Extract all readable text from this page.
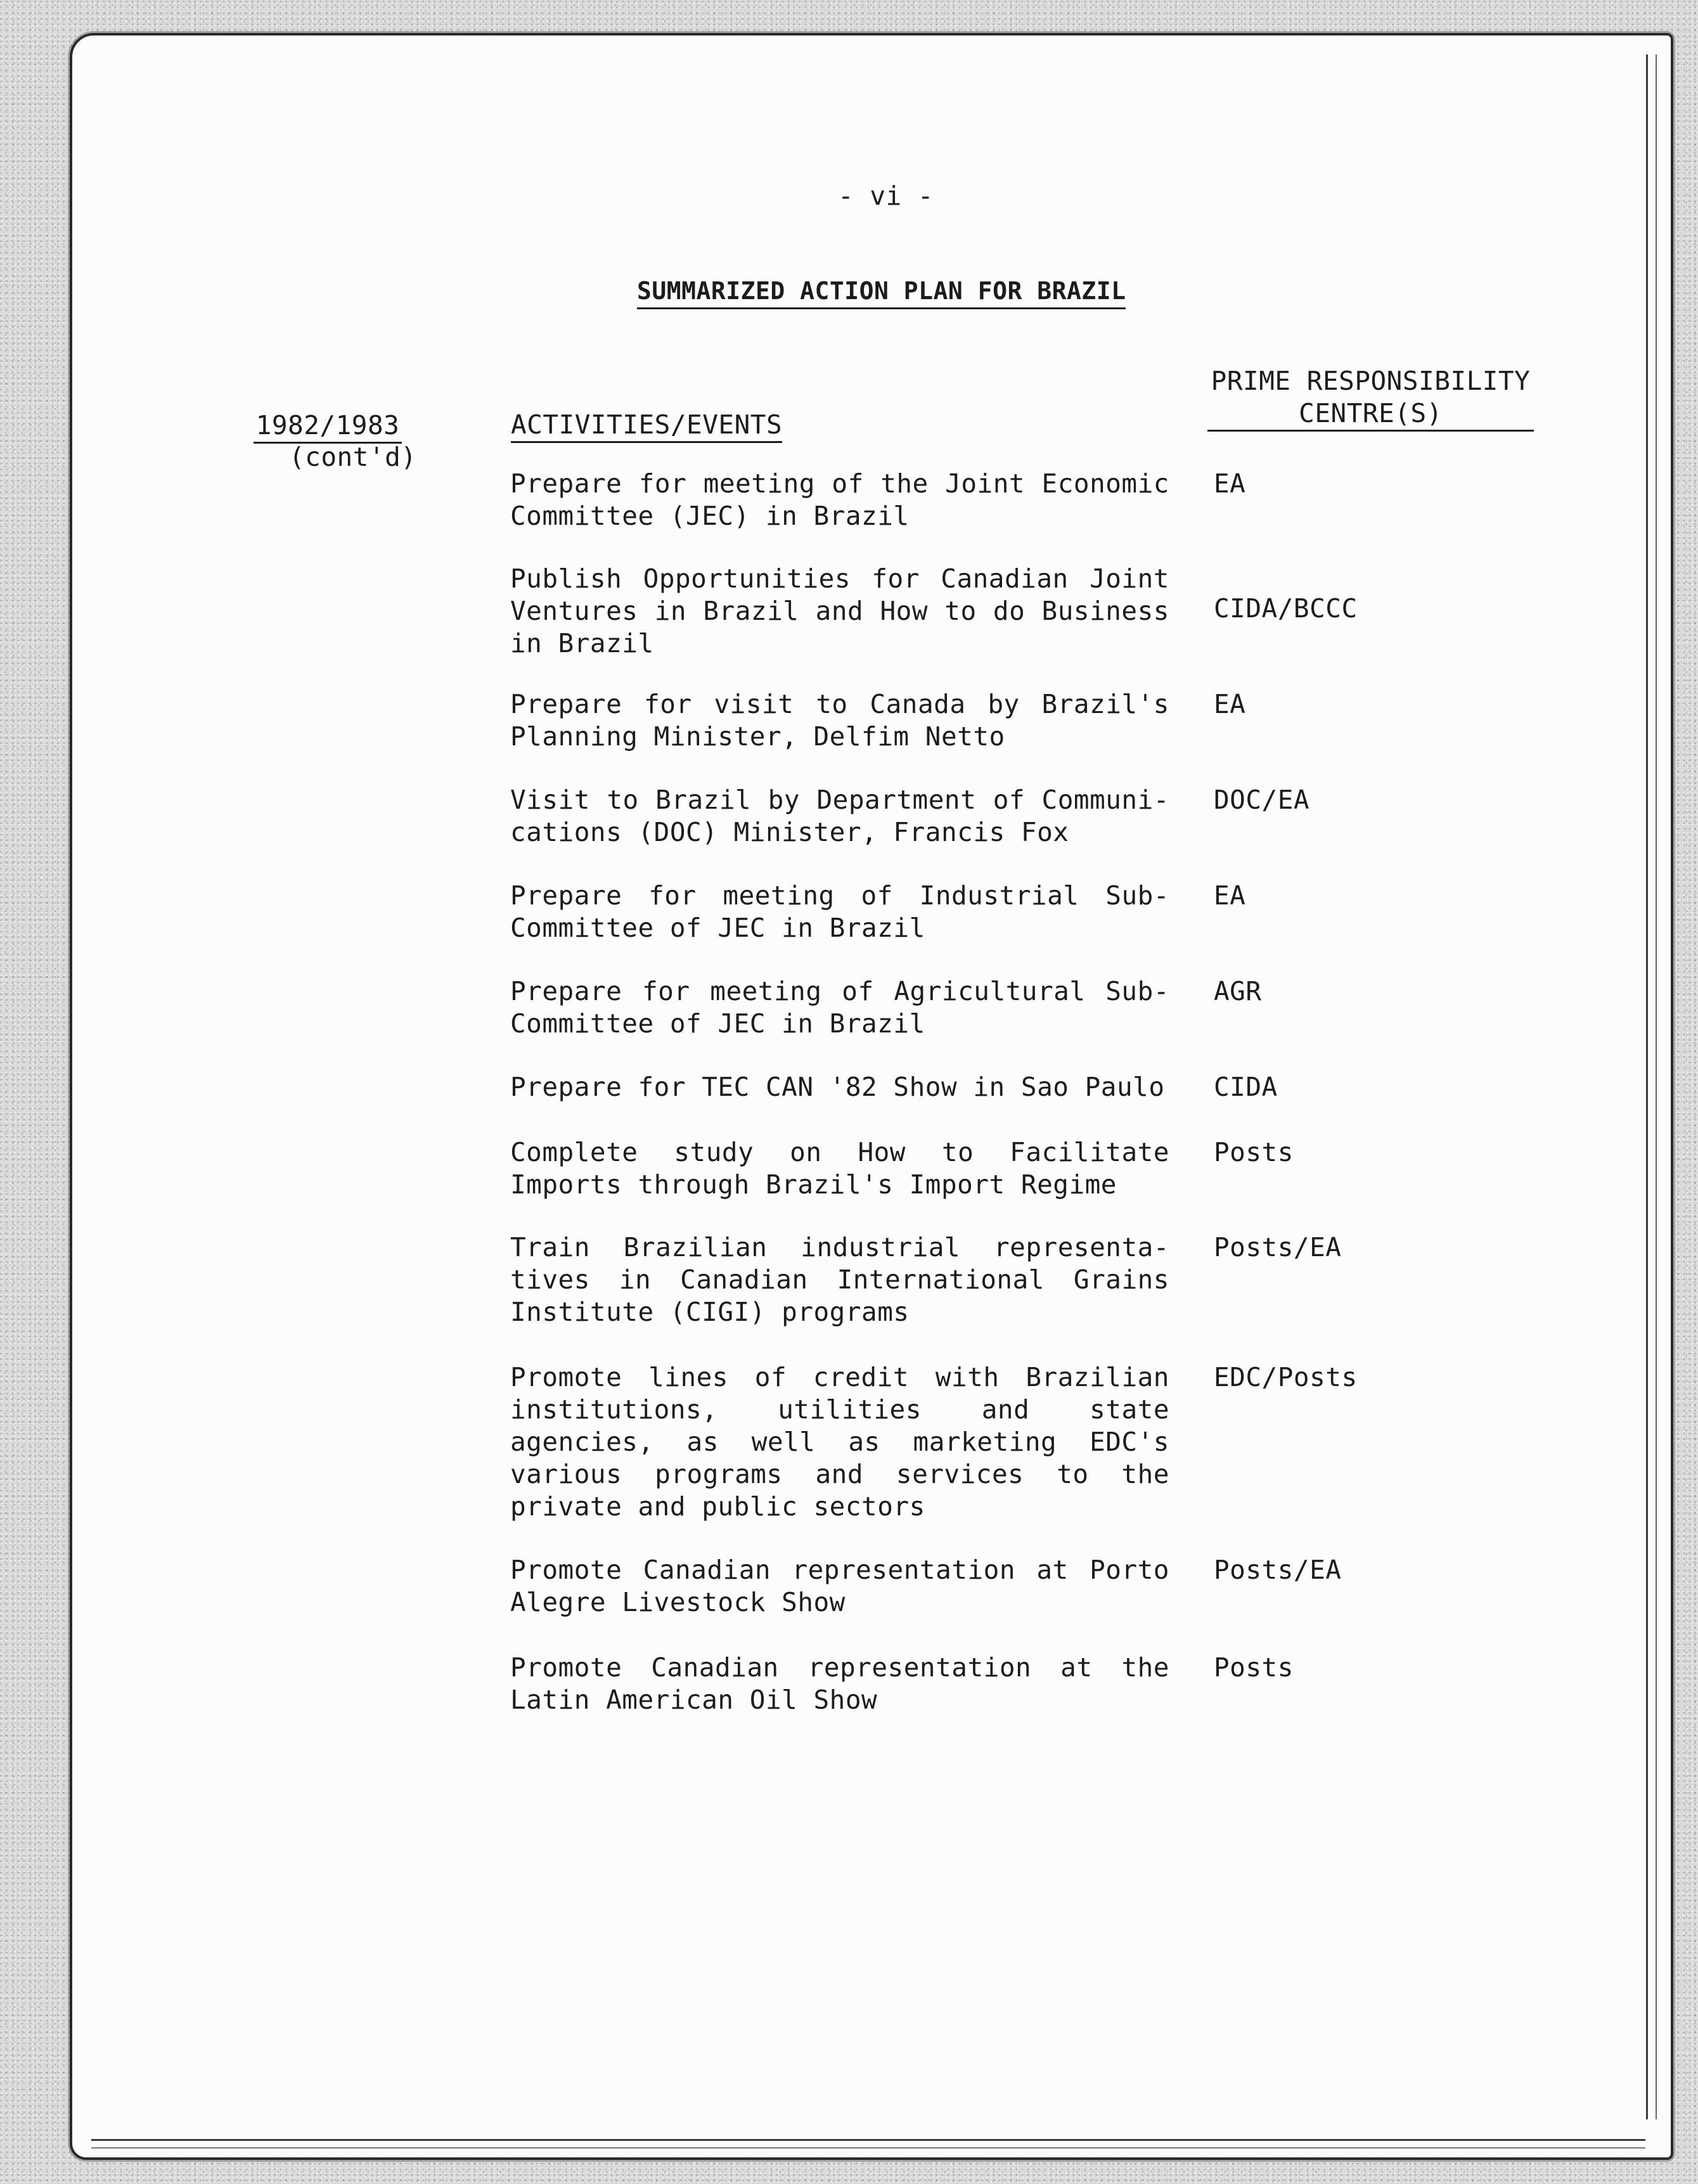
- vi -
SUMMARIZED ACTION PLAN FOR BRAZIL
1982/1983
(cont'd)
ACTIVITIES/EVENTS
PRIME RESPONSIBILITY
CENTRE(S)
Prepare for meeting of the Joint Economic Committee (JEC) in Brazil
EA
Publish Opportunities for Canadian Joint Ventures in Brazil and How to do Business in Brazil
CIDA/BCCC
Prepare for visit to Canada by Brazil's Planning Minister, Delfim Netto
EA
Visit to Brazil by Department of Communi-cations (DOC) Minister, Francis Fox
DOC/EA
Prepare for meeting of Industrial Sub-Committee of JEC in Brazil
EA
Prepare for meeting of Agricultural Sub-Committee of JEC in Brazil
AGR
Prepare for TEC CAN '82 Show in Sao Paulo CIDA
Complete study on How to Facilitate Imports through Brazil's Import Regime
Posts
Train Brazilian industrial representa-tives in Canadian International Grains Institute (CIGI) programs
Posts/EA
Promote lines of credit with Brazilian institutions, utilities and state agencies, as well as marketing EDC's various programs and services to the private and public sectors
EDC/Posts
Promote Canadian representation at Porto Alegre Livestock Show
Posts/EA
Promote Canadian representation at the Latin American Oil Show
Posts
